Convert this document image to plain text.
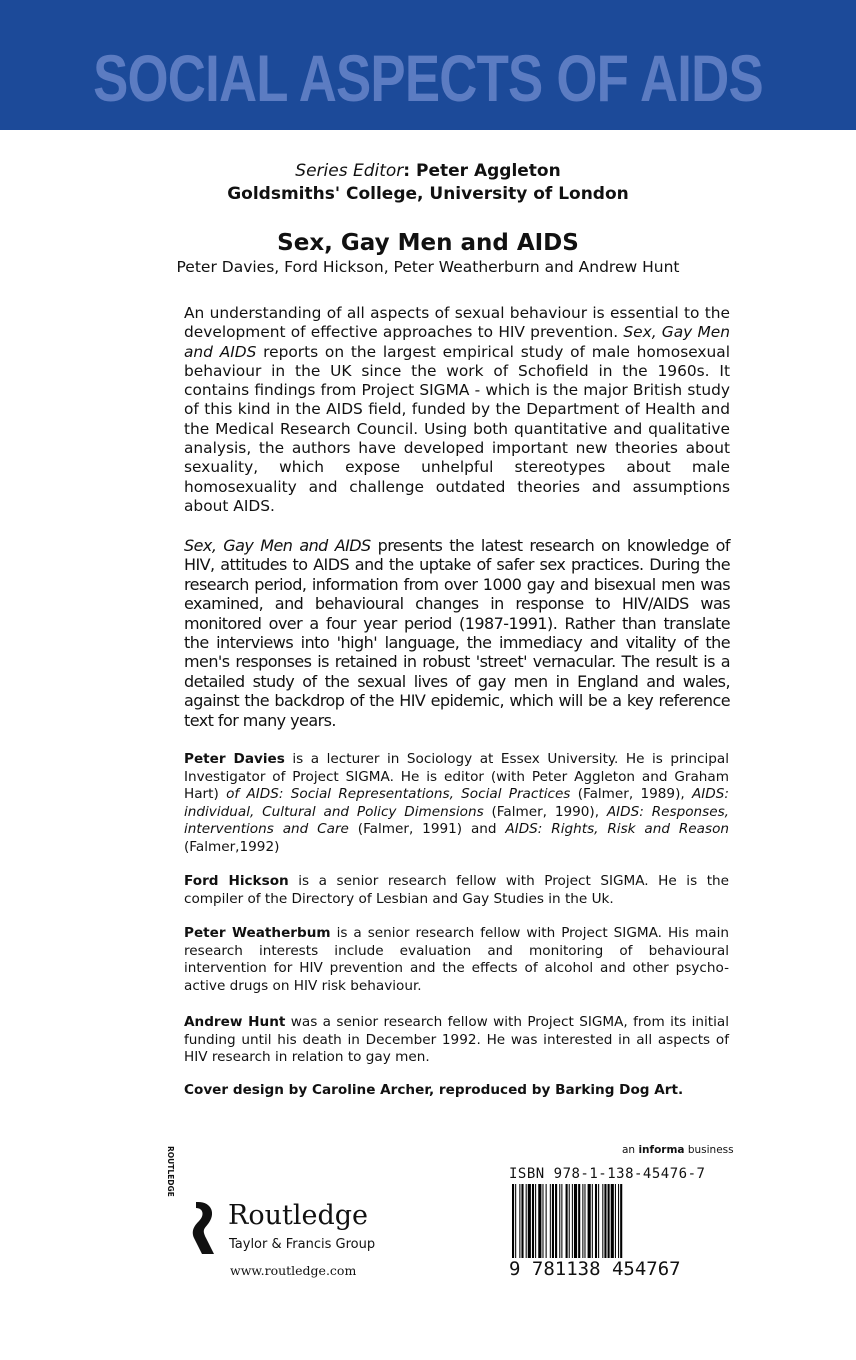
SOCIAL ASPECTS OF AIDS
Series Editor: Peter Aggleton
Goldsmiths' College, University of London
Sex, Gay Men and AIDS
Peter Davies, Ford Hickson, Peter Weatherburn and Andrew Hunt
An understanding of all aspects of sexual behaviour is essential to the development of effective approaches to HIV prevention. Sex, Gay Men and AIDS reports on the largest empirical study of male homosexual behaviour in the UK since the work of Schofield in the 1960s. It contains findings from Project SIGMA - which is the major British study of this kind in the AIDS field, funded by the Department of Health and the Medical Research Council. Using both quantitative and qualitative analysis, the authors have developed important new theories about sexuality, which expose unhelpful stereotypes about male homosexuality and challenge outdated theories and assumptions about AIDS.
Sex, Gay Men and AIDS presents the latest research on knowledge of HIV, attitudes to AIDS and the uptake of safer sex practices. During the research period, information from over 1000 gay and bisexual men was examined, and behavioural changes in response to HIV/AIDS was monitored over a four year period (1987-1991). Rather than translate the interviews into 'high' language, the immediacy and vitality of the men's responses is retained in robust 'street' vernacular. The result is a detailed study of the sexual lives of gay men in England and wales, against the backdrop of the HIV epidemic, which will be a key reference text for many years.
Peter Davies is a lecturer in Sociology at Essex University. He is principal Investigator of Project SIGMA. He is editor (with Peter Aggleton and Graham Hart) of AIDS: Social Representations, Social Practices (Falmer, 1989), AIDS: individual, Cultural and Policy Dimensions (Falmer, 1990), AIDS: Responses, interventions and Care (Falmer, 1991) and AIDS: Rights, Risk and Reason (Falmer,1992)
Ford Hickson is a senior research fellow with Project SIGMA. He is the compiler of the Directory of Lesbian and Gay Studies in the Uk.
Peter Weatherbum is a senior research fellow with Project SIGMA. His main research interests include evaluation and monitoring of behavioural intervention for HIV prevention and the effects of alcohol and other psycho-active drugs on HIV risk behaviour.
Andrew Hunt was a senior research fellow with Project SIGMA, from its initial funding until his death in December 1992. He was interested in all aspects of HIV research in relation to gay men.
Cover design by Caroline Archer, reproduced by Barking Dog Art.
an informa business
ISBN 978-1-138-45476-7
9 781138 454767
ROUTLEDGE
Routledge
Taylor & Francis Group
www.routledge.com
